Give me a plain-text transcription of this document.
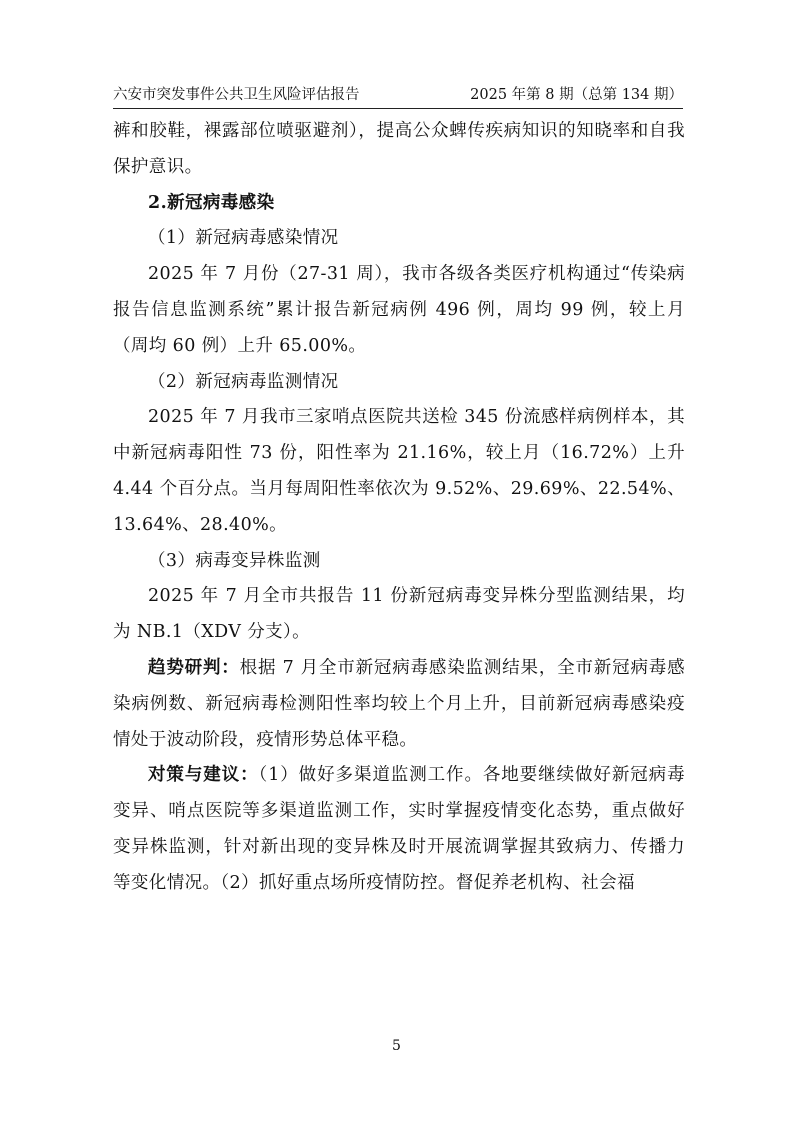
六安市突发事件公共卫生风险评估报告	2025 年第 8 期（总第 134 期）

裤和胶鞋，裸露部位喷驱避剂），提高公众蜱传疾病知识的知晓率和自我保护意识。

2.新冠病毒感染

（1）新冠病毒感染情况

2025 年 7 月份（27-31 周），我市各级各类医疗机构通过“传染病报告信息监测系统”累计报告新冠病例 496 例，周均 99 例，较上月（周均 60 例）上升 65.00%。

（2）新冠病毒监测情况

2025 年 7 月我市三家哨点医院共送检 345 份流感样病例样本，其中新冠病毒阳性 73 份，阳性率为 21.16%，较上月（16.72%）上升 4.44 个百分点。当月每周阳性率依次为 9.52%、29.69%、22.54%、13.64%、28.40%。

（3）病毒变异株监测

2025 年 7 月全市共报告 11 份新冠病毒变异株分型监测结果，均为 NB.1（XDV 分支）。

趋势研判：根据 7 月全市新冠病毒感染监测结果，全市新冠病毒感染病例数、新冠病毒检测阳性率均较上个月上升，目前新冠病毒感染疫情处于波动阶段，疫情形势总体平稳。

对策与建议：（1）做好多渠道监测工作。各地要继续做好新冠病毒变异、哨点医院等多渠道监测工作，实时掌握疫情变化态势，重点做好变异株监测，针对新出现的变异株及时开展流调掌握其致病力、传播力等变化情况。（2）抓好重点场所疫情防控。督促养老机构、社会福

5
